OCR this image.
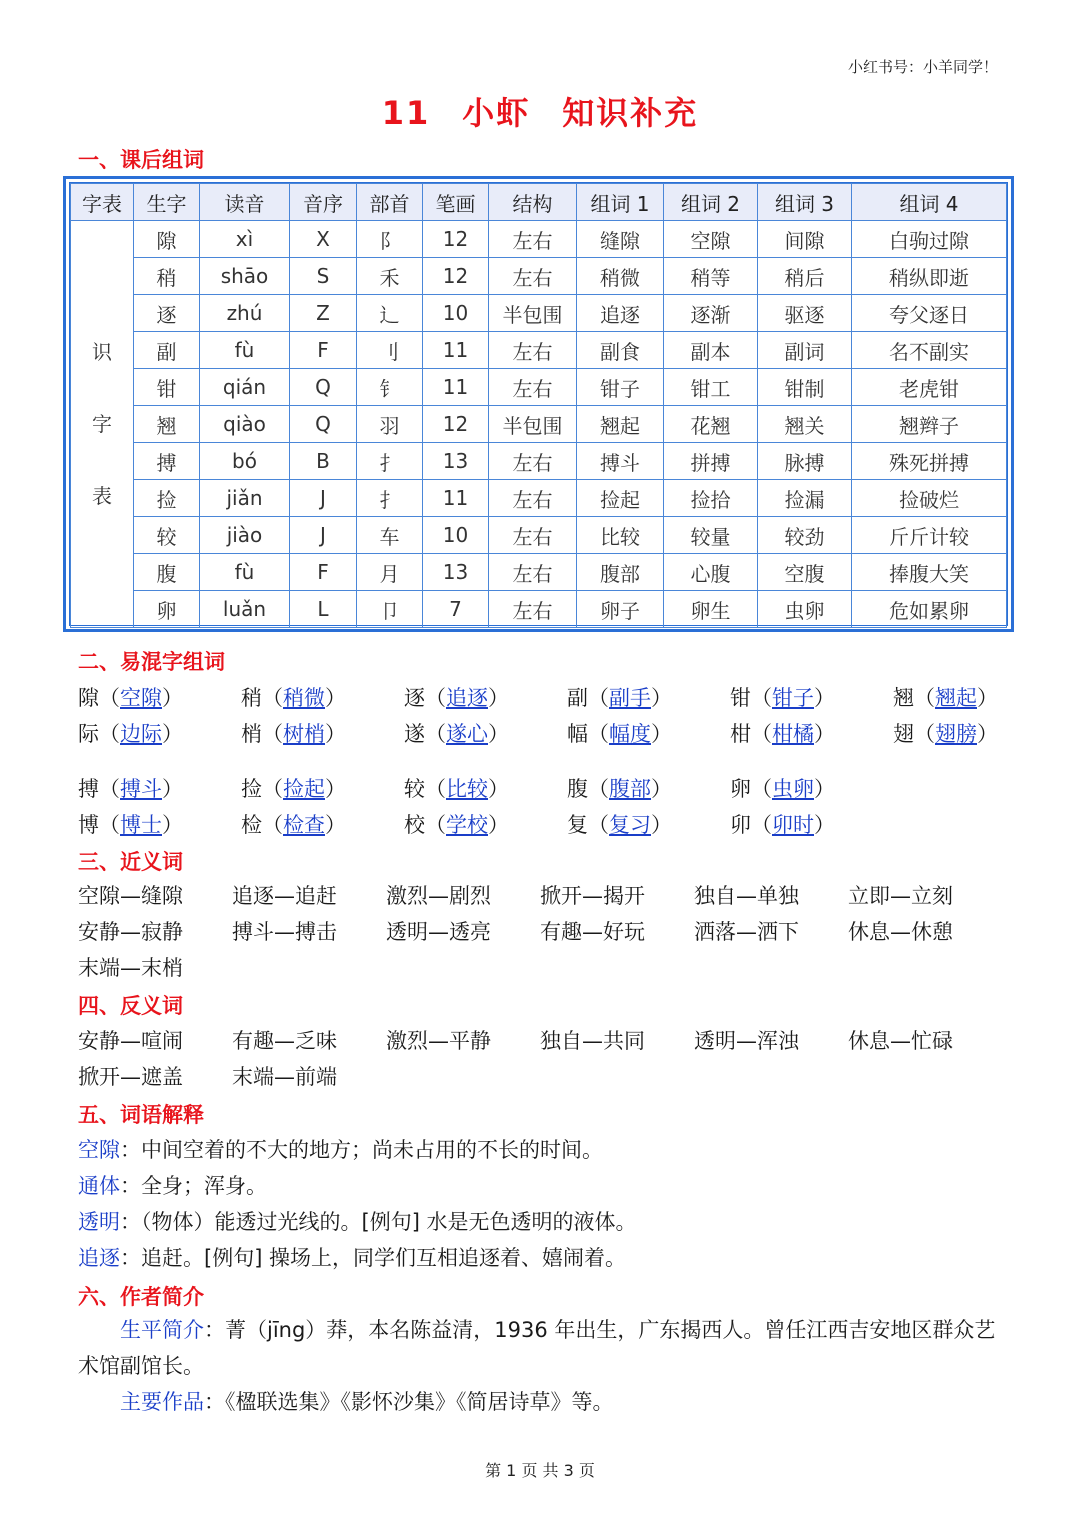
小红书号：小羊同学！
11 小虾 知识补充
一、课后组词
字表	生字	读音	音序	部首	笔画	结构	组词 1	组词 2	组词 3	组词 4

识
字
表	隙	xì	X	阝	12	左右	缝隙	空隙	间隙	白驹过隙
	稍	shāo	S	禾	12	左右	稍微	稍等	稍后	稍纵即逝
	逐	zhú	Z	辶	10	半包围	追逐	逐渐	驱逐	夸父逐日
	副	fù	F	刂	11	左右	副食	副本	副词	名不副实
	钳	qián	Q	钅	11	左右	钳子	钳工	钳制	老虎钳
	翘	qiào	Q	羽	12	半包围	翘起	花翘	翘关	翘辫子
	搏	bó	B	扌	13	左右	搏斗	拼搏	脉搏	殊死拼搏
	捡	jiǎn	J	扌	11	左右	捡起	捡拾	捡漏	捡破烂
	较	jiào	J	车	10	左右	比较	较量	较劲	斤斤计较
	腹	fù	F	月	13	左右	腹部	心腹	空腹	捧腹大笑
	卵	luǎn	L	卩	7	左右	卵子	卵生	虫卵	危如累卵
二、易混字组词
隙（空隙）	稍（稍微）	逐（追逐）	副（副手）	钳（钳子）	翘（翘起）
际（边际）	梢（树梢）	遂（遂心）	幅（幅度）	柑（柑橘）	翅（翅膀）
搏（搏斗）	捡（捡起）	较（比较）	腹（腹部）	卵（虫卵）
博（博士）	检（检查）	校（学校）	复（复习）	卯（卯时）
三、近义词
空隙—缝隙 追逐—追赶 激烈—剧烈 掀开—揭开 独自—单独 立即—立刻
安静—寂静 搏斗—搏击 透明—透亮 有趣—好玩 洒落—洒下 休息—休憩
末端—末梢
四、反义词
安静—喧闹 有趣—乏味 激烈—平静 独自—共同 透明—浑浊 休息—忙碌
掀开—遮盖 末端—前端
五、词语解释
空隙：中间空着的不大的地方；尚未占用的不长的时间。
通体：全身；浑身。
透明：（物体）能透过光线的。[例句] 水是无色透明的液体。
追逐：追赶。[例句] 操场上，同学们互相追逐着、嬉闹着。
六、作者简介

生平简介：菁（jīng）莽，本名陈益清，1936 年出生，广东揭西人。曾任江西吉安地区群众艺术馆副馆长。

主要作品：《楹联选集》《影怀沙集》《简居诗草》等。

第 1 页 共 3 页
